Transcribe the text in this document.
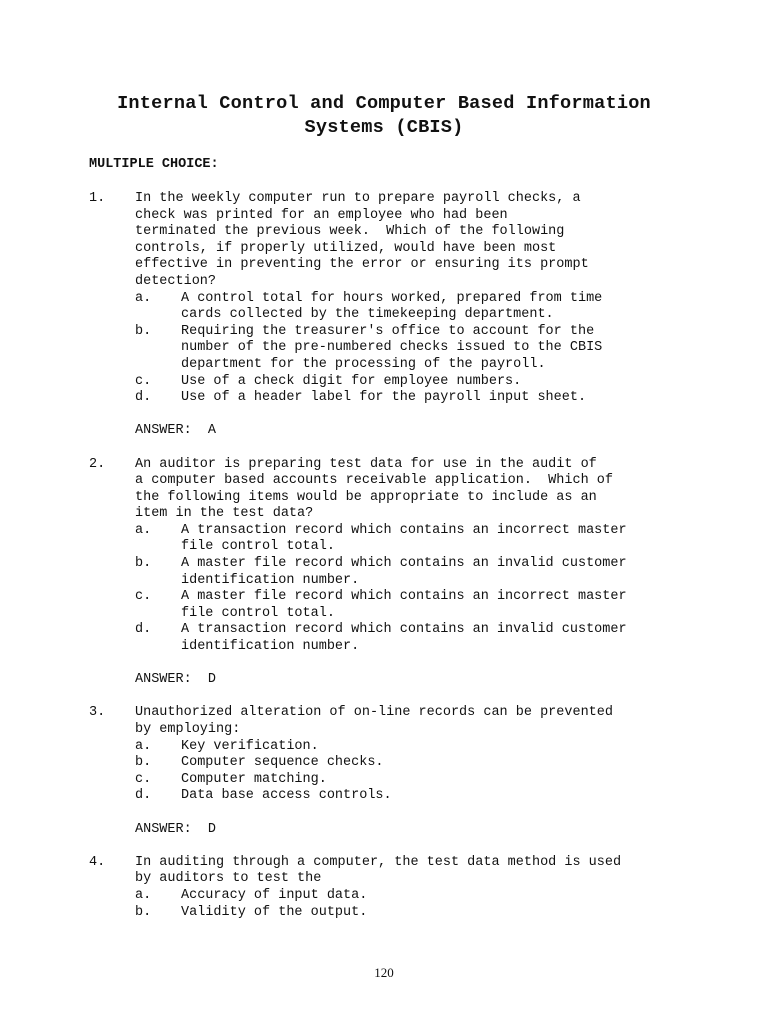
Internal Control and Computer Based Information
Systems (CBIS)
MULTIPLE CHOICE:
1.	In the weekly computer run to prepare payroll checks, a
check was printed for an employee who had been
terminated the previous week.  Which of the following
controls, if properly utilized, would have been most
effective in preventing the error or ensuring its prompt
detection?
a.	A control total for hours worked, prepared from time
cards collected by the timekeeping department.
b.	Requiring the treasurer's office to account for the
number of the pre-numbered checks issued to the CBIS
department for the processing of the payroll.
c.	Use of a check digit for employee numbers.
d.	Use of a header label for the payroll input sheet.
ANSWER:  A
2.	An auditor is preparing test data for use in the audit of
a computer based accounts receivable application.  Which of
the following items would be appropriate to include as an
item in the test data?
a.	A transaction record which contains an incorrect master
file control total.
b.	A master file record which contains an invalid customer
identification number.
c.	A master file record which contains an incorrect master
file control total.
d.	A transaction record which contains an invalid customer
identification number.
ANSWER:  D
3.	Unauthorized alteration of on-line records can be prevented
by employing:
a.	Key verification.
b.	Computer sequence checks.
c.	Computer matching.
d.	Data base access controls.
ANSWER:  D
4.	In auditing through a computer, the test data method is used
by auditors to test the
a.	Accuracy of input data.
b.	Validity of the output.
120
